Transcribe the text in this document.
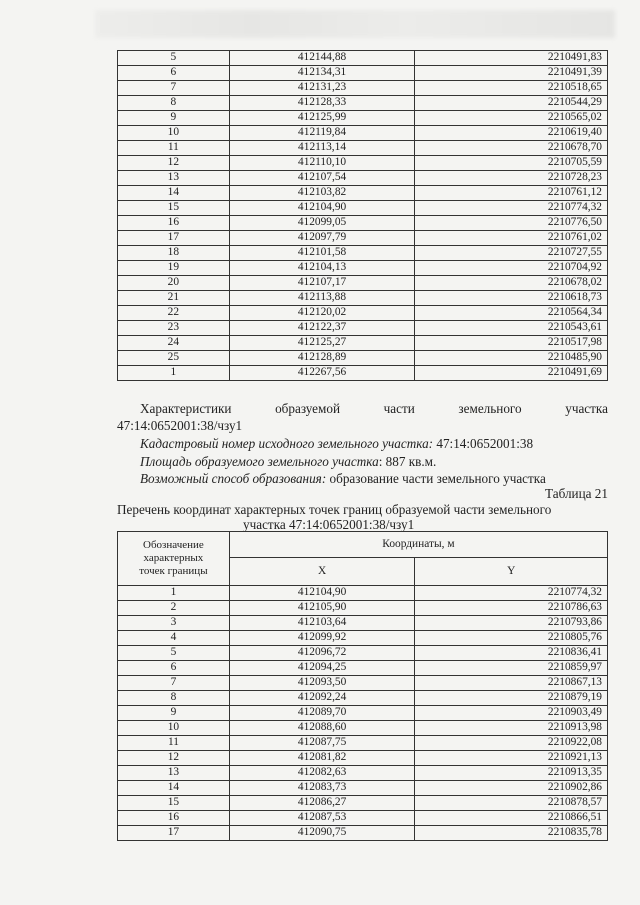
5	412144,88	2210491,83
6	412134,31	2210491,39
7	412131,23	2210518,65
8	412128,33	2210544,29
9	412125,99	2210565,02
10	412119,84	2210619,40
11	412113,14	2210678,70
12	412110,10	2210705,59
13	412107,54	2210728,23
14	412103,82	2210761,12
15	412104,90	2210774,32
16	412099,05	2210776,50
17	412097,79	2210761,02
18	412101,58	2210727,55
19	412104,13	2210704,92
20	412107,17	2210678,02
21	412113,88	2210618,73
22	412120,02	2210564,34
23	412122,37	2210543,61
24	412125,27	2210517,98
25	412128,89	2210485,90
1	412267,56	2210491,69
Характеристики	образуемой	части	земельного	участка
47:14:0652001:38/чзу1
Кадастровый номер исходного земельного участка: 47:14:0652001:38
Площадь образуемого земельного участка: 887 кв.м.
Возможный способ образования: образование части земельного участка
Таблица 21
Перечень координат характерных точек границ образуемой части земельного
участка 47:14:0652001:38/чзу1
Обозначение
характерных
точек границы	Координаты, м	
	X	Y
1	412104,90	2210774,32
2	412105,90	2210786,63
3	412103,64	2210793,86
4	412099,92	2210805,76
5	412096,72	2210836,41
6	412094,25	2210859,97
7	412093,50	2210867,13
8	412092,24	2210879,19
9	412089,70	2210903,49
10	412088,60	2210913,98
11	412087,75	2210922,08
12	412081,82	2210921,13
13	412082,63	2210913,35
14	412083,73	2210902,86
15	412086,27	2210878,57
16	412087,53	2210866,51
17	412090,75	2210835,78
